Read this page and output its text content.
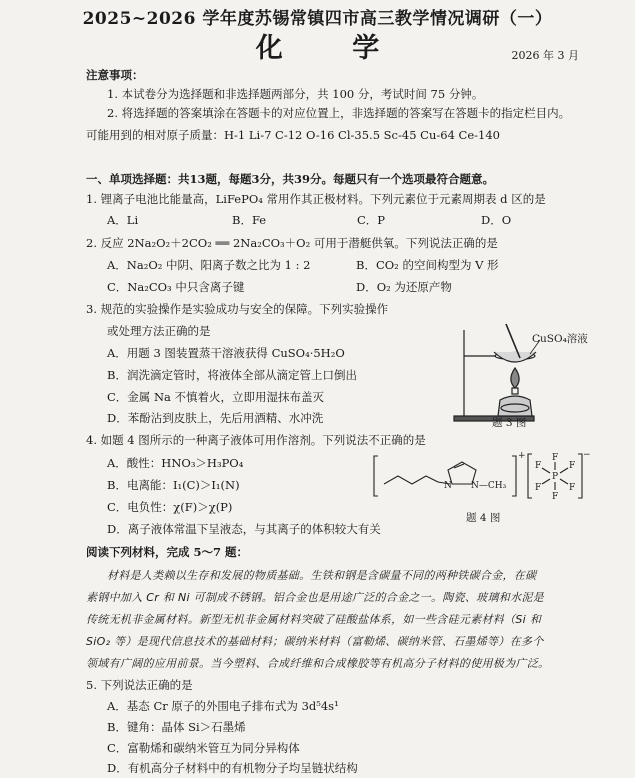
2025~2026 学年度苏锡常镇四市高三教学情况调研（一）
化 学	2026 年 3 月
注意事项：
1. 本试卷分为选择题和非选择题两部分，共 100 分，考试时间 75 分钟。
2. 将选择题的答案填涂在答题卡的对应位置上，非选择题的答案写在答题卡的指定栏目内。
可能用到的相对原子质量：H-1 Li-7 C-12 O-16 Cl-35.5 Sc-45 Cu-64 Ce-140
一、单项选择题：共13题，每题3分，共39分。每题只有一个选项最符合题意。
1. 锂离子电池比能量高，LiFePO₄ 常用作其正极材料。下列元素位于元素周期表 d 区的是
A．Li	B．Fe	C．P	D．O
2. 反应 2Na₂O₂＋2CO₂ ══ 2Na₂CO₃＋O₂ 可用于潜艇供氧。下列说法正确的是
A．Na₂O₂ 中阴、阳离子数之比为 1 : 2	B．CO₂ 的空间构型为 V 形
C．Na₂CO₃ 中只含离子键	D．O₂ 为还原产物
3. 规范的实验操作是实验成功与安全的保障。下列实验操作
或处理方法正确的是
A．用题 3 图装置蒸干溶液获得 CuSO₄·5H₂O
B．润洗滴定管时，将液体全部从滴定管上口倒出
C．金属 Na 不慎着火，立即用湿抹布盖灭
D．苯酚沾到皮肤上，先后用酒精、水冲洗
CuSO₄溶液
题 3 图
4. 如题 4 图所示的一种离子液体可用作溶剂。下列说法不正确的是
A．酸性：HNO₃＞H₃PO₄
B．电离能：I₁(C)＞I₁(N)
C．电负性：χ(F)＞χ(P)
D．离子液体常温下呈液态，与其离子的体积较大有关
N N—CH₃
+
P
F
F
F	F
F	F
−
题 4 图
阅读下列材料，完成 5～7 题：
材料是人类赖以生存和发展的物质基础。生铁和钢是含碳量不同的两种铁碳合金，在碳
素钢中加入 Cr 和 Ni 可制成不锈钢。铝合金也是用途广泛的合金之一。陶瓷、玻璃和水泥是
传统无机非金属材料。新型无机非金属材料突破了硅酸盐体系，如一些含硅元素材料（Si 和
SiO₂ 等）是现代信息技术的基础材料；碳纳米材料（富勒烯、碳纳米管、石墨烯等）在多个
领域有广阔的应用前景。当今塑料、合成纤维和合成橡胶等有机高分子材料的使用极为广泛。
5. 下列说法正确的是
A．基态 Cr 原子的外围电子排布式为 3d⁵4s¹
B．键角：晶体 Si＞石墨烯
C．富勒烯和碳纳米管互为同分异构体
D．有机高分子材料中的有机物分子均呈链状结构
